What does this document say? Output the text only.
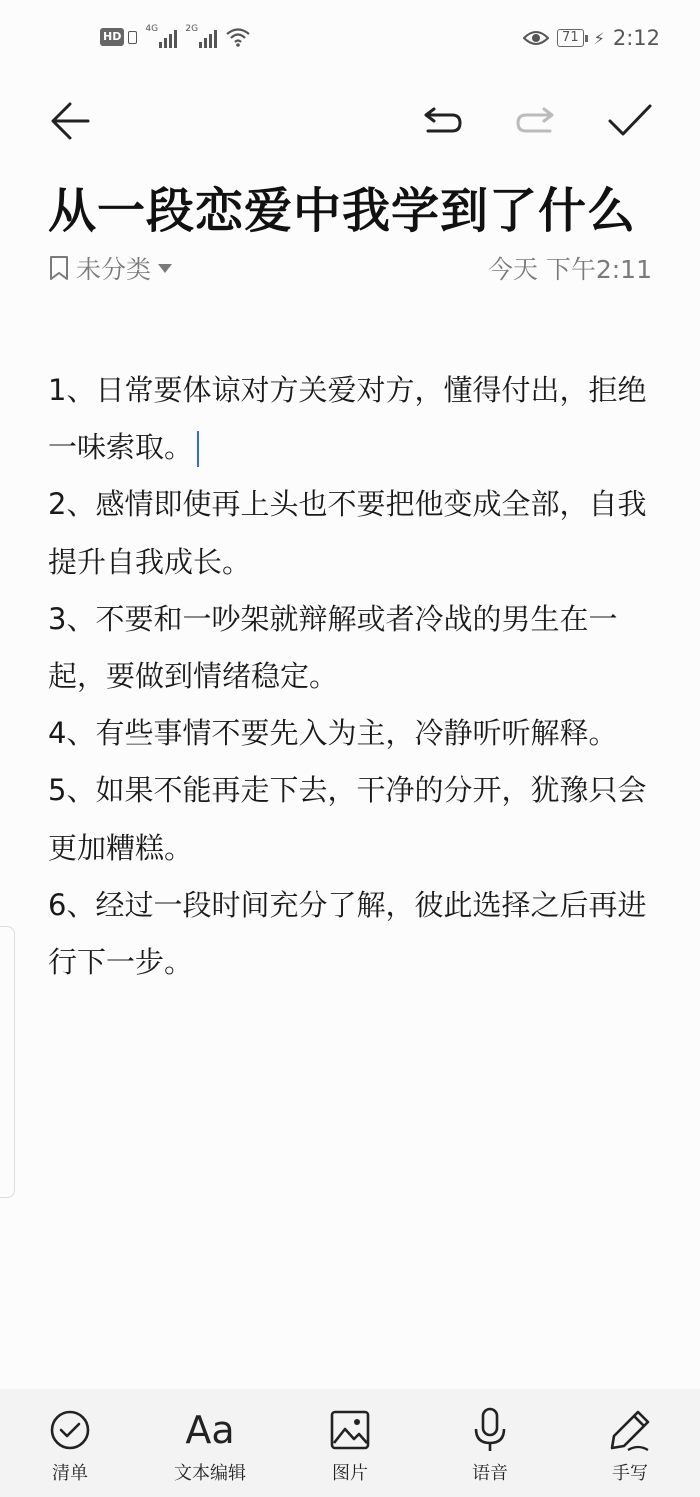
HD
4G	2G
71 ⚡ 2:12
从一段恋爱中我学到了什么
未分类	今天 下午2:11

1、日常要体谅对方关爱对方，懂得付出，拒绝一味索取。

2、感情即使再上头也不要把他变成全部，自我提升自我成长。

3、不要和一吵架就辩解或者冷战的男生在一起，要做到情绪稳定。

4、有些事情不要先入为主，冷静听听解释。

5、如果不能再走下去，干净的分开，犹豫只会更加糟糕。

6、经过一段时间充分了解，彼此选择之后再进行下一步。

清单
Aa
文本编辑	图片	语音	手写
